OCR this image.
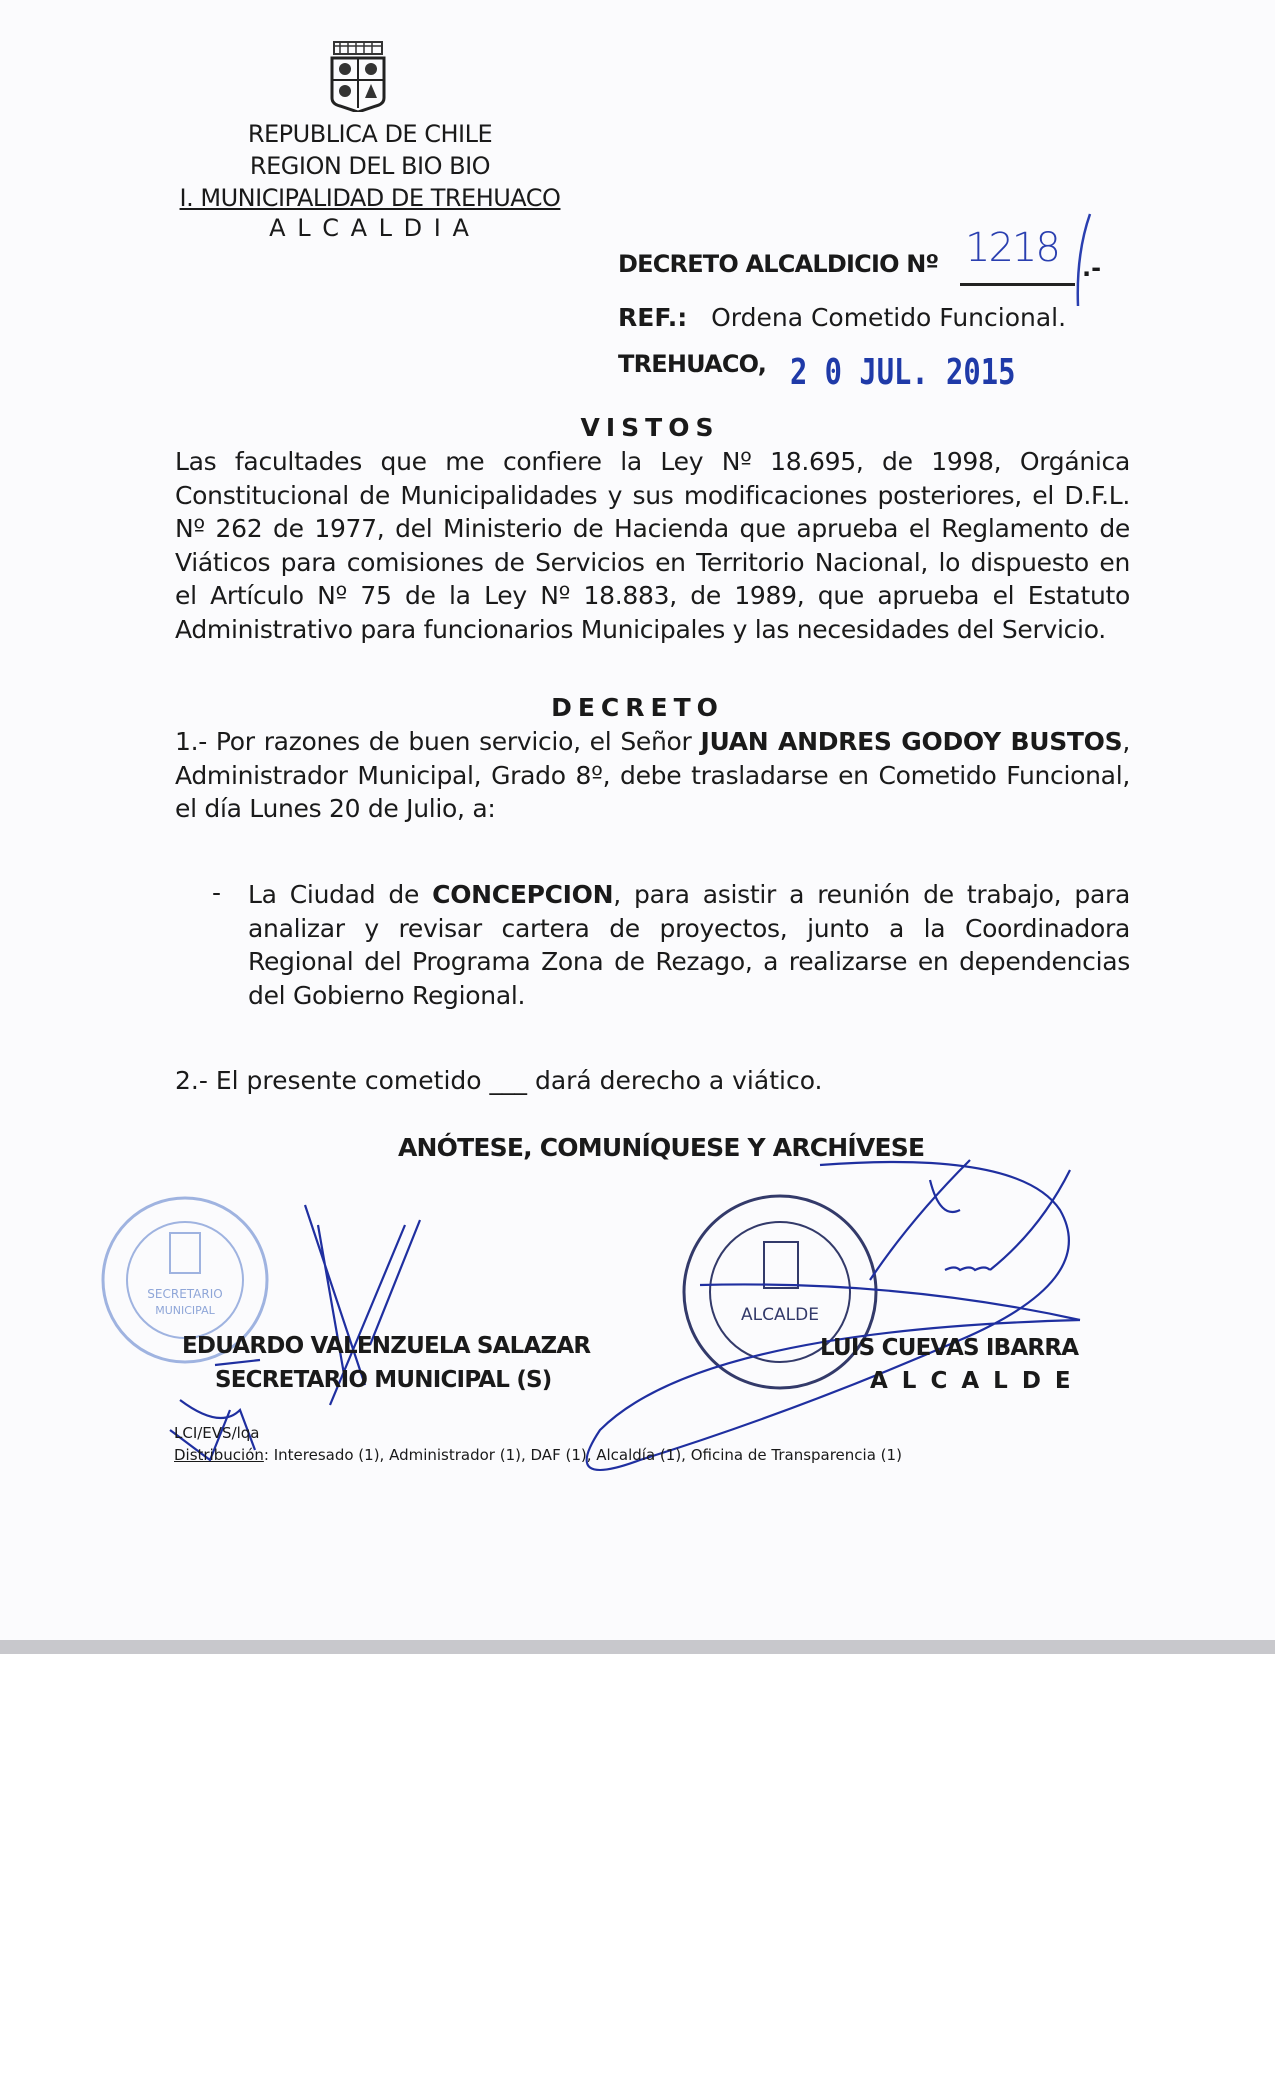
REPUBLICA DE CHILE
REGION DEL BIO BIO
I. MUNICIPALIDAD DE TREHUACO
A L C A L D I A
DECRETO ALCALDICIO Nº 1218 .-
REF.: Ordena Cometido Funcional.
TREHUACO, 2 0 JUL. 2015
VISTOS
Las facultades que me confiere la Ley Nº 18.695, de 1998, Orgánica Constitucional de Municipalidades y sus modificaciones posteriores, el D.F.L. Nº 262 de 1977, del Ministerio de Hacienda que aprueba el Reglamento de Viáticos para comisiones de Servicios en Territorio Nacional, lo dispuesto en el Artículo Nº 75 de la Ley Nº 18.883, de 1989, que aprueba el Estatuto Administrativo para funcionarios Municipales y las necesidades del Servicio.
DECRETO
1.- Por razones de buen servicio, el Señor JUAN ANDRES GODOY BUSTOS, Administrador Municipal, Grado 8º, debe trasladarse en Cometido Funcional, el día Lunes 20 de Julio, a:
- La Ciudad de CONCEPCION, para asistir a reunión de trabajo, para analizar y revisar cartera de proyectos, junto a la Coordinadora Regional del Programa Zona de Rezago, a realizarse en dependencias del Gobierno Regional.
2.- El presente cometido ___ dará derecho a viático.
ANÓTESE, COMUNÍQUESE Y ARCHÍVESE
SECRETARIO
MUNICIPAL	ALCALDE
EDUARDO VALENZUELA SALAZAR
SECRETARIO MUNICIPAL (S)
LUIS CUEVAS IBARRA
A L C A L D E
LCI/EVS/lqa
Distribución: Interesado (1), Administrador (1), DAF (1), Alcaldía (1), Oficina de Transparencia (1)
